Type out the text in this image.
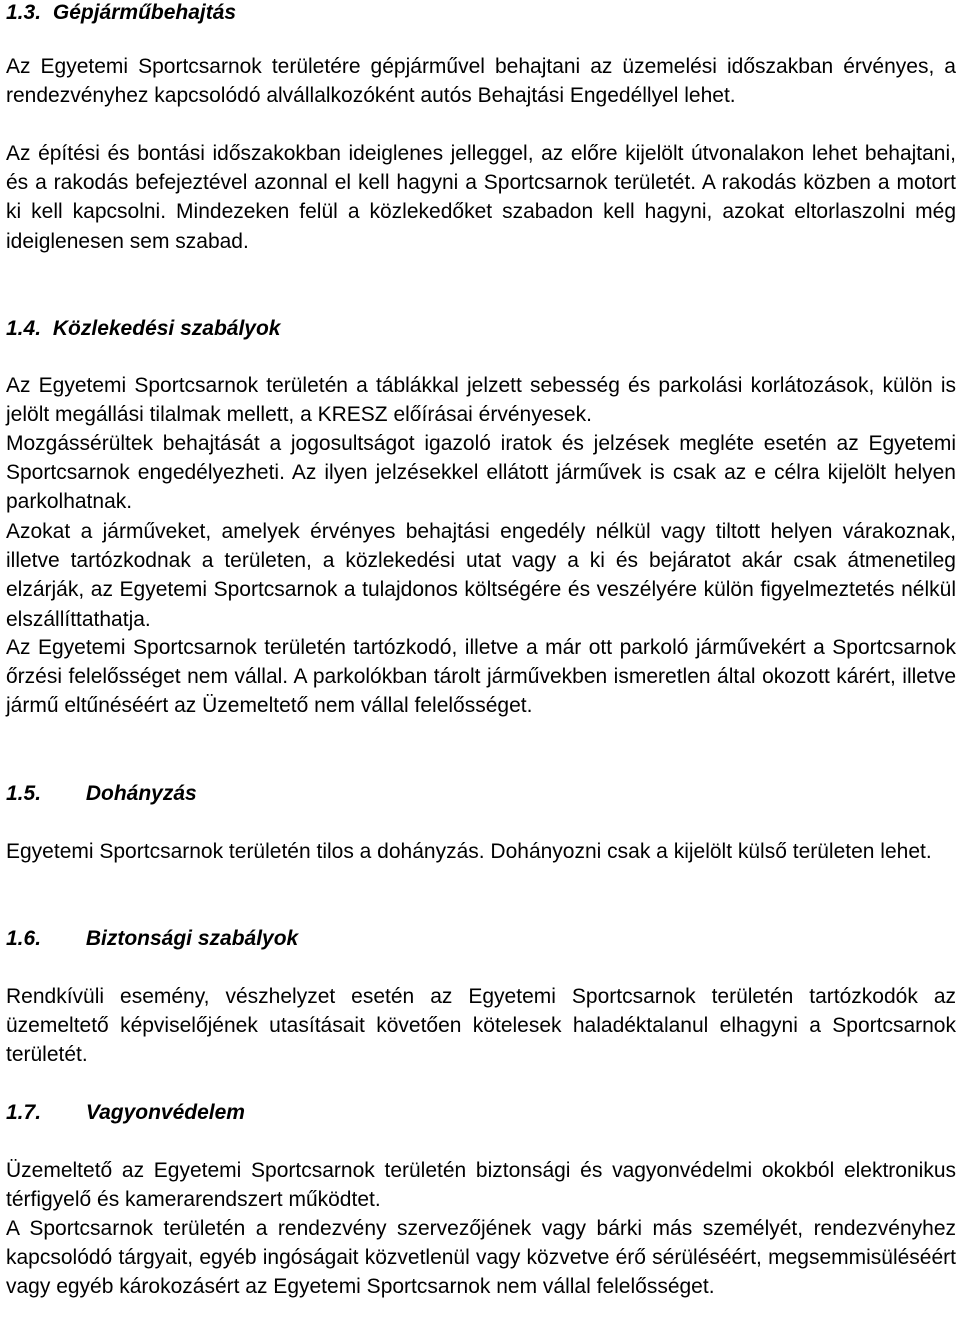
1.3. Gépjárműbehajtás

Az Egyetemi Sportcsarnok területére gépjárművel behajtani az üzemelési időszakban érvényes, a rendezvényhez kapcsolódó alvállalkozóként autós Behajtási Engedéllyel lehet.

Az építési és bontási időszakokban ideiglenes jelleggel, az előre kijelölt útvonalakon lehet behajtani, és a rakodás befejeztével azonnal el kell hagyni a Sportcsarnok területét. A rakodás közben a motort ki kell kapcsolni. Mindezeken felül a közlekedőket szabadon kell hagyni, azokat eltorlaszolni még ideiglenesen sem szabad.

1.4. Közlekedési szabályok

Az Egyetemi Sportcsarnok területén a táblákkal jelzett sebesség és parkolási korlátozások, külön is jelölt megállási tilalmak mellett, a KRESZ előírásai érvényesek.

Mozgássérültek behajtását a jogosultságot igazoló iratok és jelzések megléte esetén az Egyetemi Sportcsarnok engedélyezheti. Az ilyen jelzésekkel ellátott járművek is csak az e célra kijelölt helyen parkolhatnak.

Azokat a járműveket, amelyek érvényes behajtási engedély nélkül vagy tiltott helyen várakoznak, illetve tartózkodnak a területen, a közlekedési utat vagy a ki és bejáratot akár csak átmenetileg elzárják, az Egyetemi Sportcsarnok a tulajdonos költségére és veszélyére külön figyelmeztetés nélkül elszállíttathatja.

Az Egyetemi Sportcsarnok területén tartózkodó, illetve a már ott parkoló járművekért a Sportcsarnok őrzési felelősséget nem vállal. A parkolókban tárolt járművekben ismeretlen által okozott kárért, illetve jármű eltűnéséért az Üzemeltető nem vállal felelősséget.

1.5. Dohányzás

Egyetemi Sportcsarnok területén tilos a dohányzás. Dohányozni csak a kijelölt külső területen lehet.

1.6. Biztonsági szabályok

Rendkívüli esemény, vészhelyzet esetén az Egyetemi Sportcsarnok területén tartózkodók az üzemeltető képviselőjének utasításait követően kötelesek haladéktalanul elhagyni a Sportcsarnok területét.

1.7. Vagyonvédelem

Üzemeltető az Egyetemi Sportcsarnok területén biztonsági és vagyonvédelmi okokból elektronikus térfigyelő és kamerarendszert működtet.

A Sportcsarnok területén a rendezvény szervezőjének vagy bárki más személyét, rendezvényhez kapcsolódó tárgyait, egyéb ingóságait közvetlenül vagy közvetve érő sérüléséért, megsemmisüléséért vagy egyéb károkozásért az Egyetemi Sportcsarnok nem vállal felelősséget.
